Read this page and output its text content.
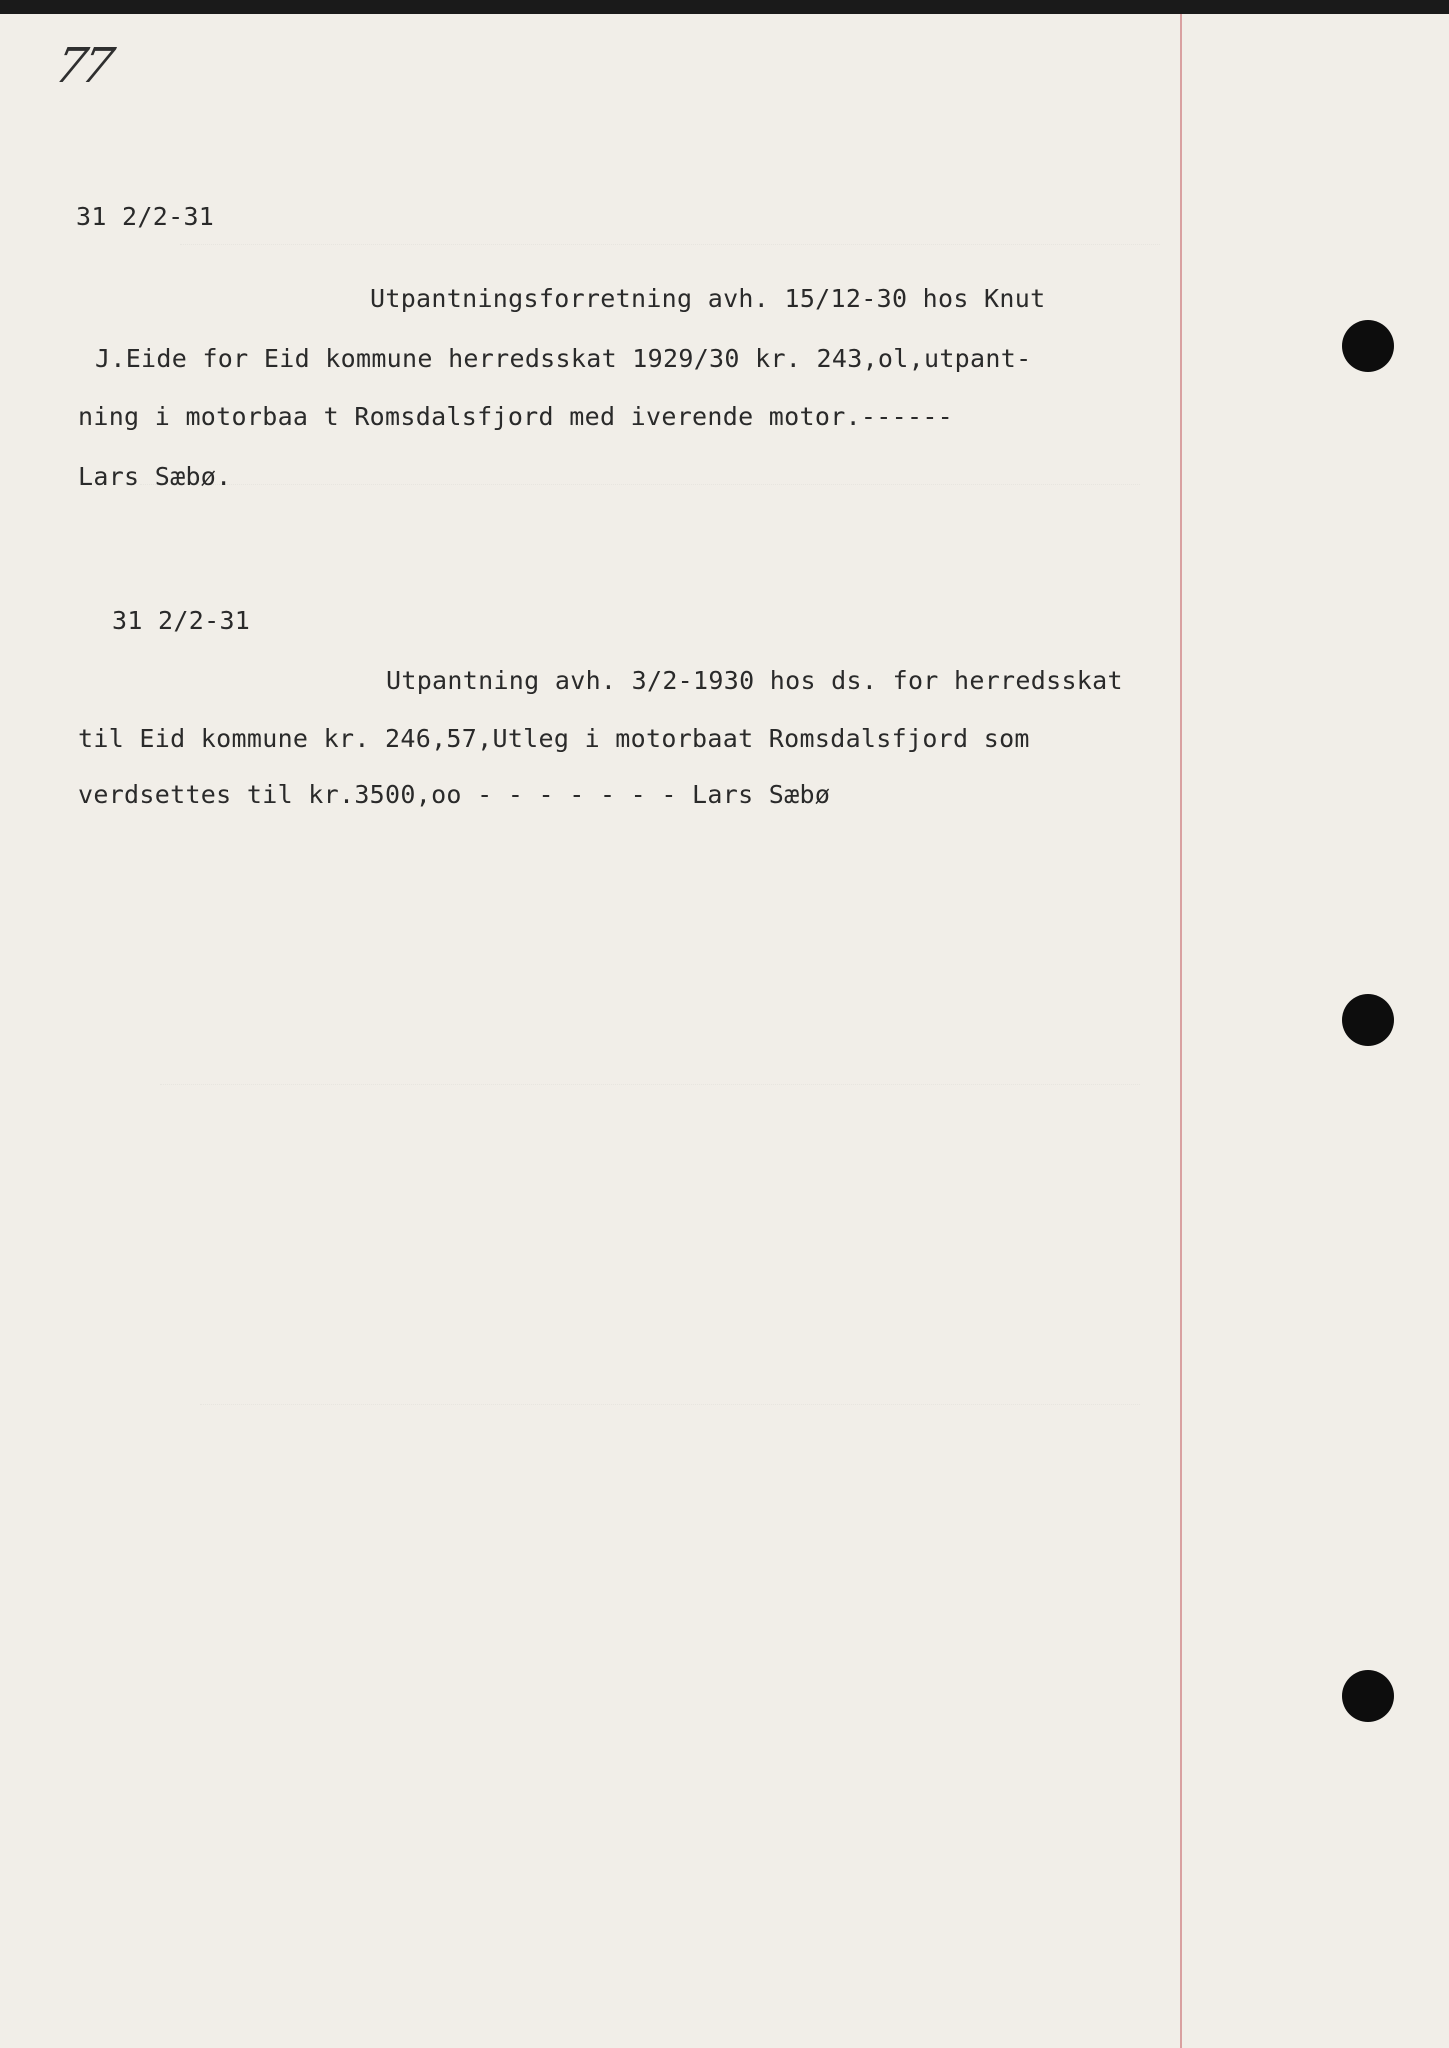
77
31 2/2-31
Utpantningsforretning avh. 15/12-30 hos Knut
J.Eide for Eid kommune herredsskat 1929/30 kr. 243,ol,utpant-
ning i motorbaa t Romsdalsfjord med iverende motor.------
Lars Sæbø.
31 2/2-31
Utpantning avh. 3/2-1930 hos ds. for herredsskat
til Eid kommune kr. 246,57,Utleg i motorbaat Romsdalsfjord som
verdsettes til kr.3500,oo - - - - - - - Lars Sæbø
